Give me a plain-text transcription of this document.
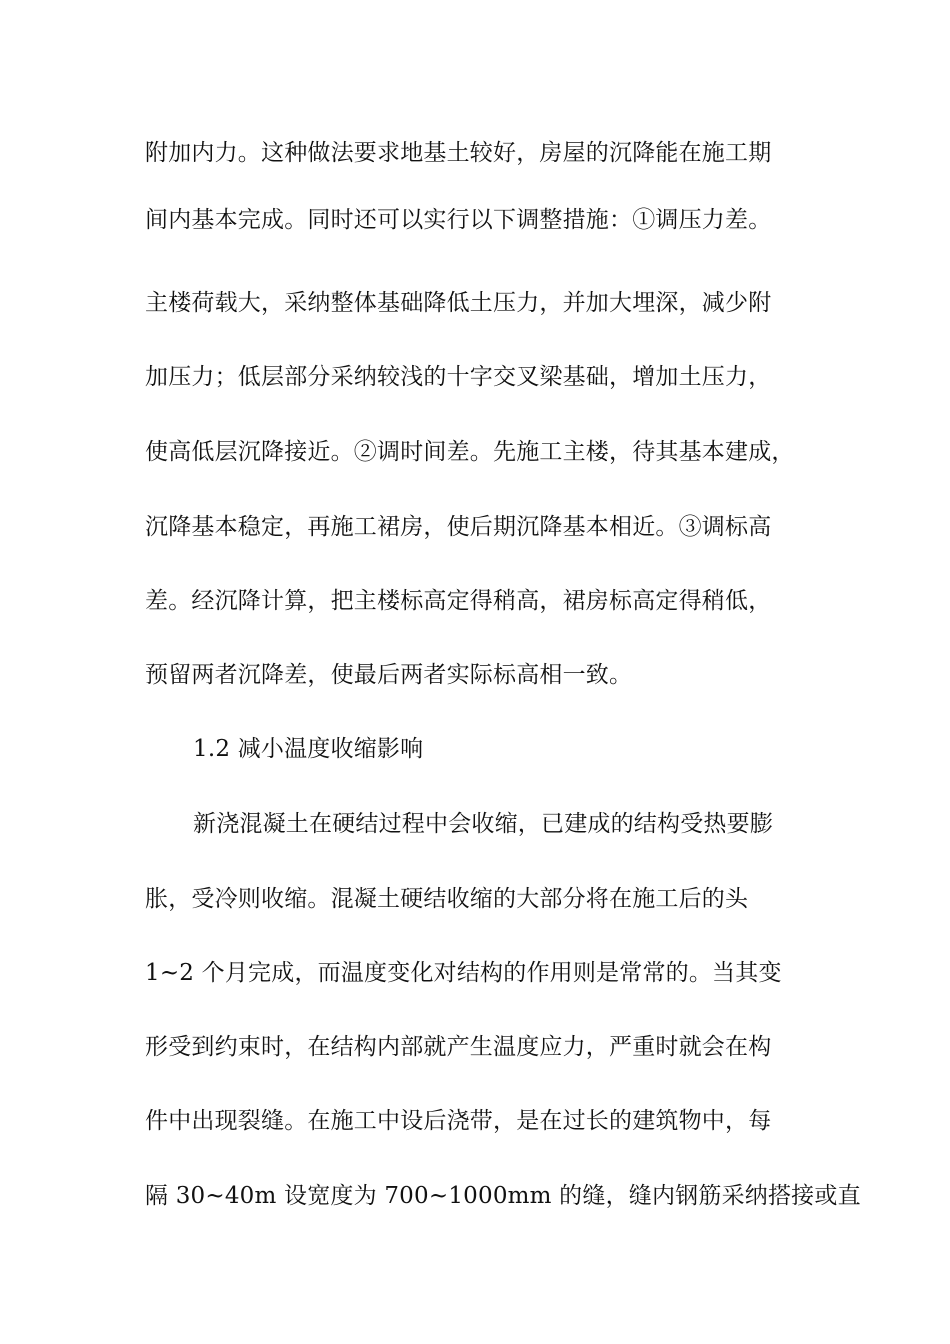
附加内力。这种做法要求地基土较好，房屋的沉降能在施工期
间内基本完成。同时还可以实行以下调整措施：①调压力差。
主楼荷载大，采纳整体基础降低土压力，并加大埋深，减少附
加压力；低层部分采纳较浅的十字交叉梁基础，增加土压力，
使高低层沉降接近。②调时间差。先施工主楼，待其基本建成，
沉降基本稳定，再施工裙房，使后期沉降基本相近。③调标高
差。经沉降计算，把主楼标高定得稍高，裙房标高定得稍低，
预留两者沉降差，使最后两者实际标高相一致。
1.2 减小温度收缩影响
新浇混凝土在硬结过程中会收缩，已建成的结构受热要膨
胀，受冷则收缩。混凝土硬结收缩的大部分将在施工后的头
1~2 个月完成，而温度变化对结构的作用则是常常的。当其变
形受到约束时，在结构内部就产生温度应力，严重时就会在构
件中出现裂缝。在施工中设后浇带，是在过长的建筑物中，每
隔 30~40m 设宽度为 700~1000mm 的缝，缝内钢筋采纳搭接或直
